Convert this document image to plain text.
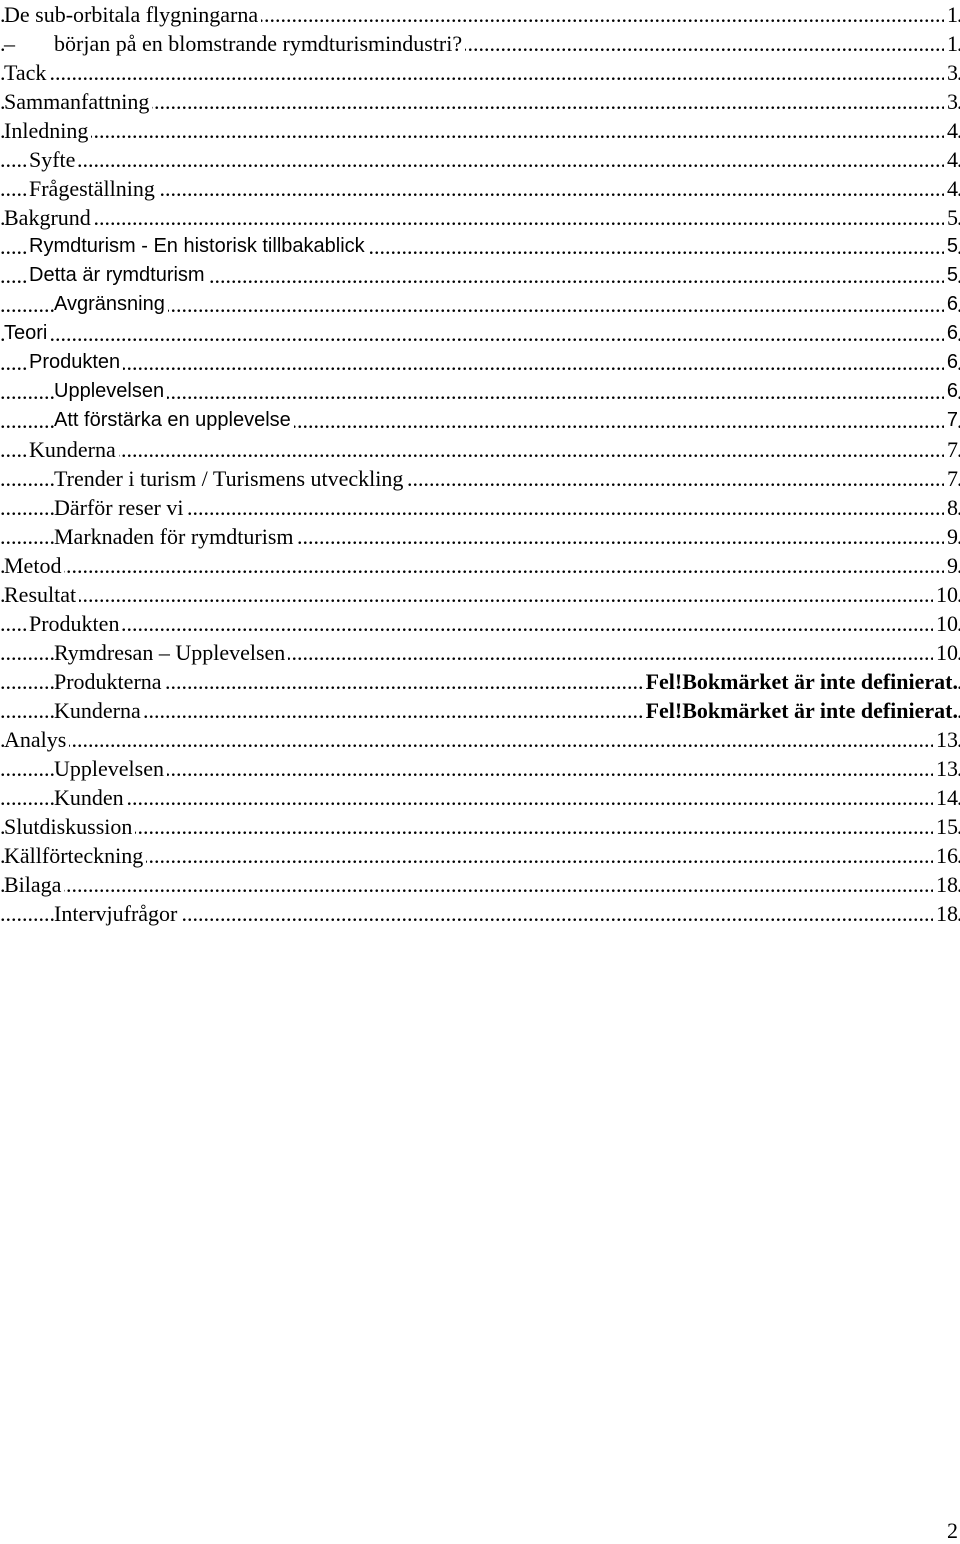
.....
De sub-orbitala flygningarna	1
.....
– början på en blomstrande rymdturismindustri?	1
.....
Tack	3
.....
Sammanfattning	3
.....
Inledning	4
.....
Syfte	4
.....
Frågeställning	4
.....
Bakgrund	5
.....
Rymdturism - En historisk tillbakablick	5
.....
Detta är rymdturism	5
.....
Avgränsning	6
.....
Teori	6
.....
Produkten	6
.....
Upplevelsen	6
.....
Att förstärka en upplevelse	7
.....
Kunderna	7
.....
Trender i turism / Turismens utveckling	7
.....
Därför reser vi	8
.....
Marknaden för rymdturism	9
.....
Metod	9
.....
Resultat	10
.....
Produkten	10
.....
Rymdresan – Upplevelsen	10
.....
Produkterna	Fel!Bokmärket är inte definierat.
.....
Kunderna	Fel!Bokmärket är inte definierat.
.....
Analys	13
.....
Upplevelsen	13
.....
Kunden	14
.....
Slutdiskussion	15
.....
Källförteckning	16
.....
Bilaga	18
.....
Intervjufrågor	18
2
